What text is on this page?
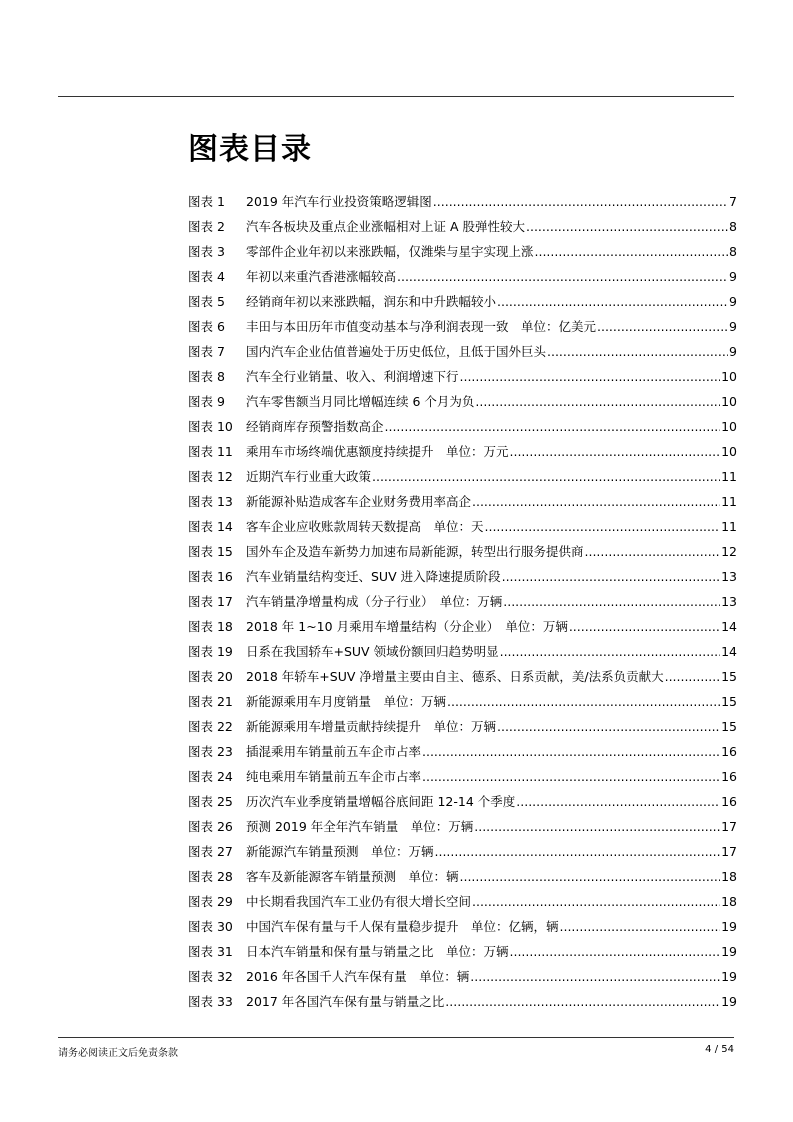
图表目录
图表 1	2019 年汽车行业投资策略逻辑图 .....	7
图表 2	汽车各板块及重点企业涨幅相对上证 A 股弹性较大 .....	8
图表 3	零部件企业年初以来涨跌幅，仅潍柴与星宇实现上涨 .....	8
图表 4	年初以来重汽香港涨幅较高 .....	9
图表 5	经销商年初以来涨跌幅，润东和中升跌幅较小 .....	9
图表 6	丰田与本田历年市值变动基本与净利润表现一致　单位：亿美元 .....	9
图表 7	国内汽车企业估值普遍处于历史低位，且低于国外巨头 .....	9
图表 8	汽车全行业销量、收入、利润增速下行 .....	10
图表 9	汽车零售额当月同比增幅连续 6 个月为负 .....	10
图表 10	经销商库存预警指数高企 .....	10
图表 11	乘用车市场终端优惠额度持续提升　单位：万元 .....	10
图表 12	近期汽车行业重大政策 .....	11
图表 13	新能源补贴造成客车企业财务费用率高企 .....	11
图表 14	客车企业应收账款周转天数提高　单位：天 .....	11
图表 15	国外车企及造车新势力加速布局新能源，转型出行服务提供商 .....	12
图表 16	汽车业销量结构变迁、SUV 进入降速提质阶段 .....	13
图表 17	汽车销量净增量构成（分子行业）　单位：万辆 .....	13
图表 18	2018 年 1~10 月乘用车增量结构（分企业）　单位：万辆 .....	14
图表 19	日系在我国轿车+SUV 领域份额回归趋势明显 .....	14
图表 20	2018 年轿车+SUV 净增量主要由自主、德系、日系贡献，美/法系负贡献大 .....	15
图表 21	新能源乘用车月度销量　单位：万辆 .....	15
图表 22	新能源乘用车增量贡献持续提升　单位：万辆 .....	15
图表 23	插混乘用车销量前五车企市占率 .....	16
图表 24	纯电乘用车销量前五车企市占率 .....	16
图表 25	历次汽车业季度销量增幅谷底间距 12-14 个季度 .....	16
图表 26	预测 2019 年全年汽车销量　单位：万辆 .....	17
图表 27	新能源汽车销量预测　单位：万辆 .....	17
图表 28	客车及新能源客车销量预测　单位：辆 .....	18
图表 29	中长期看我国汽车工业仍有很大增长空间 .....	18
图表 30	中国汽车保有量与千人保有量稳步提升　单位：亿辆，辆 .....	19
图表 31	日本汽车销量和保有量与销量之比　单位：万辆 .....	19
图表 32	2016 年各国千人汽车保有量　单位：辆 .....	19
图表 33	2017 年各国汽车保有量与销量之比 .....	19
请务必阅读正文后免责条款	4 / 54
